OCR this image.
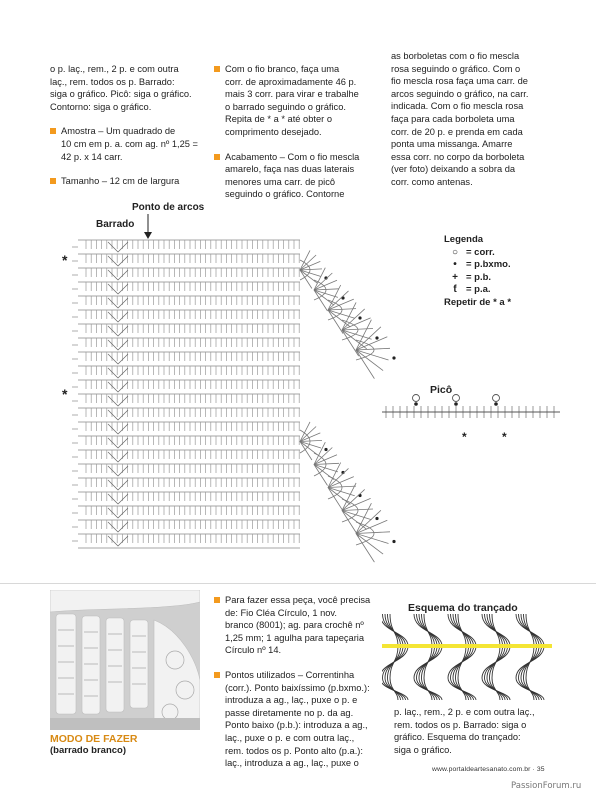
o p. laç., rem., 2 p. e com outra

laç., rem. todos os p. Barrado:

siga o gráfico. Picô: siga o gráfico.

Contorno: siga o gráfico.

Amostra – Um quadrado de

10 cm em p. a. com ag. nº 1,25 =

42 p. x 14 carr.

Tamanho – 12 cm de largura

Com o fio branco, faça uma

corr. de aproximadamente 46 p.

mais 3 corr. para virar e trabalhe

o barrado seguindo o gráfico.

Repita de * a * até obter o

comprimento desejado.

Acabamento – Com o fio mescla

amarelo, faça nas duas laterais

menores uma carr. de picô

seguindo o gráfico. Contorne

as borboletas com o fio mescla

rosa seguindo o gráfico. Com o

fio mescla rosa faça uma carr. de

arcos seguindo o gráfico, na carr.

indicada. Com o fio mescla rosa

faça para cada borboleta uma

corr. de 20 p. e prenda em cada

ponta uma missanga. Amarre

essa corr. no corpo da borboleta

(ver foto) deixando a sobra da

corr. como antenas.

Ponto de arcos
Barrado
Picô
*
*
Legenda
○ = corr.
• = p.bxmo.
+ = p.b.
ƭ = p.a.
Repetir de * a *
*	*
MODO DE FAZER
(barrado branco)

Para fazer essa peça, você precisa

de: Fio Cléa Círculo, 1 nov.

branco (8001); ag. para crochê nº

1,25 mm; 1 agulha para tapeçaria

Círculo nº 14.

Pontos utilizados – Correntinha

(corr.). Ponto baixíssimo (p.bxmo.):

introduza a ag., laç., puxe o p. e

passe diretamente no p. da ag.

Ponto baixo (p.b.): introduza a ag.,

laç., puxe o p. e com outra laç.,

rem. todos os p. Ponto alto (p.a.):

laç., introduza a ag., laç., puxe o

Esquema do trançado

p. laç., rem., 2 p. e com outra laç.,

rem. todos os p. Barrado: siga o

gráfico. Esquema do trançado:

siga o gráfico.

www.portaldeartesanato.com.br · 35
PassionForum.ru
